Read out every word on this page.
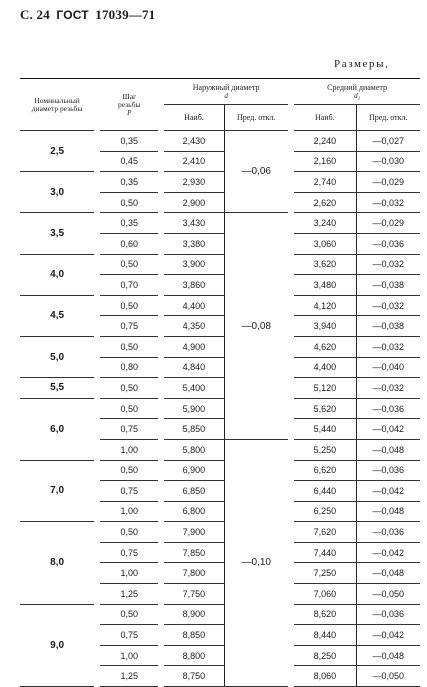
С. 24 ГОСТ 17039—71
Размеры,
Номинальный диаметр резьбы		Шаг
резьбы
P		Наружный диаметр
d			Средний диаметр
d₂	
				Наиб.	Пред. откл.		Наиб.	Пред. откл.
2,5		0,35		2,430	—0,06		2,240	—0,027
		0,45		2,410			2,160	—0,030
3,0		0,35		2,930			2,740	—0,029
		0,50		2,900			2,620	—0,032
3,5		0,35		3,430	—0,08		3,240	—0,029
		0,60		3,380			3,060	—0,036
4,0		0,50		3,900			3,620	—0,032
		0,70		3,860			3,480	—0,038
4,5		0,50		4,400			4,120	—0,032
		0,75		4,350			3,940	—0,038
5,0		0,50		4,900			4,620	—0,032
		0,80		4,840			4,400	—0,040
5,5		0,50		5,400			5,120	—0,032
6,0		0,50		5,900			5,620	—0,036
		0,75		5,850			5,440	—0,042
		1,00		5,800	—0,10		5,250	—0,048
7,0		0,50		6,900			6,620	—0,036
		0,75		6,850			6,440	—0,042
		1,00		6,800			6,250	—0,048
8,0		0,50		7,900			7,620	—0,036
		0,75		7,850			7,440	—0,042
		1,00		7,800			7,250	—0,048
		1,25		7,750			7,060	—0,050
9,0		0,50		8,900			8,620	—0,036
		0,75		8,850			8,440	—0,042
		1,00		8,800			8,250	—0,048
		1,25		8,750			8,060	—0,050
